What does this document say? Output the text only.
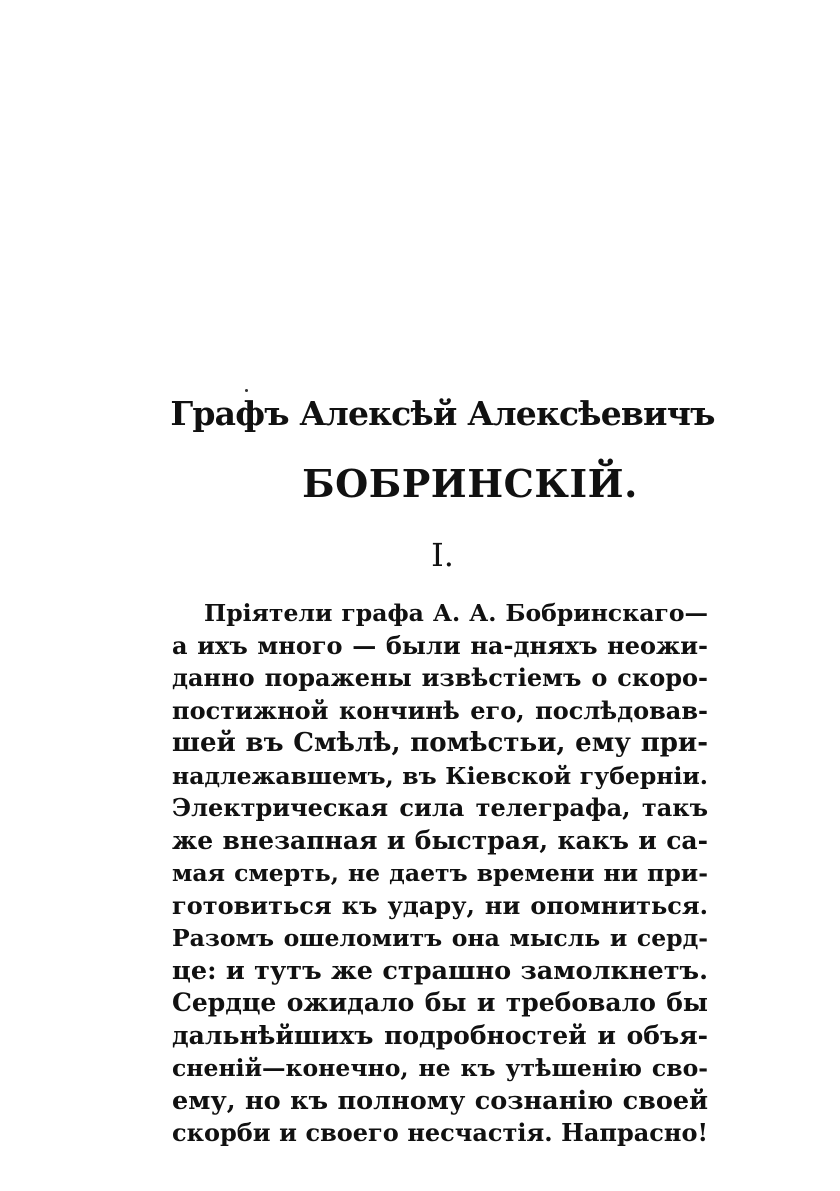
Графъ Алексѣй Алексѣевичъ
БОБРИНСКІЙ.
I.
Пріятели графа А. А. Бобринскаго—
а ихъ много — были на-дняхъ неожи-
данно поражены извѣстіемъ о скоро-
постижной кончинѣ его, послѣдовав-
шей въ Смѣлѣ, помѣстьи, ему при-
надлежавшемъ, въ Кіевской губерніи.
Электрическая сила телеграфа, такъ
же внезапная и быстрая, какъ и са-
мая смерть, не даетъ времени ни при-
готовиться къ удару, ни опомниться.
Разомъ ошеломитъ она мысль и серд-
це: и тутъ же страшно замолкнетъ.
Сердце ожидало бы и требовало бы
дальнѣйшихъ подробностей и объя-
сненій—конечно, не къ утѣшенію сво-
ему, но къ полному сознанію своей
скорби и своего несчастія. Напрасно!
